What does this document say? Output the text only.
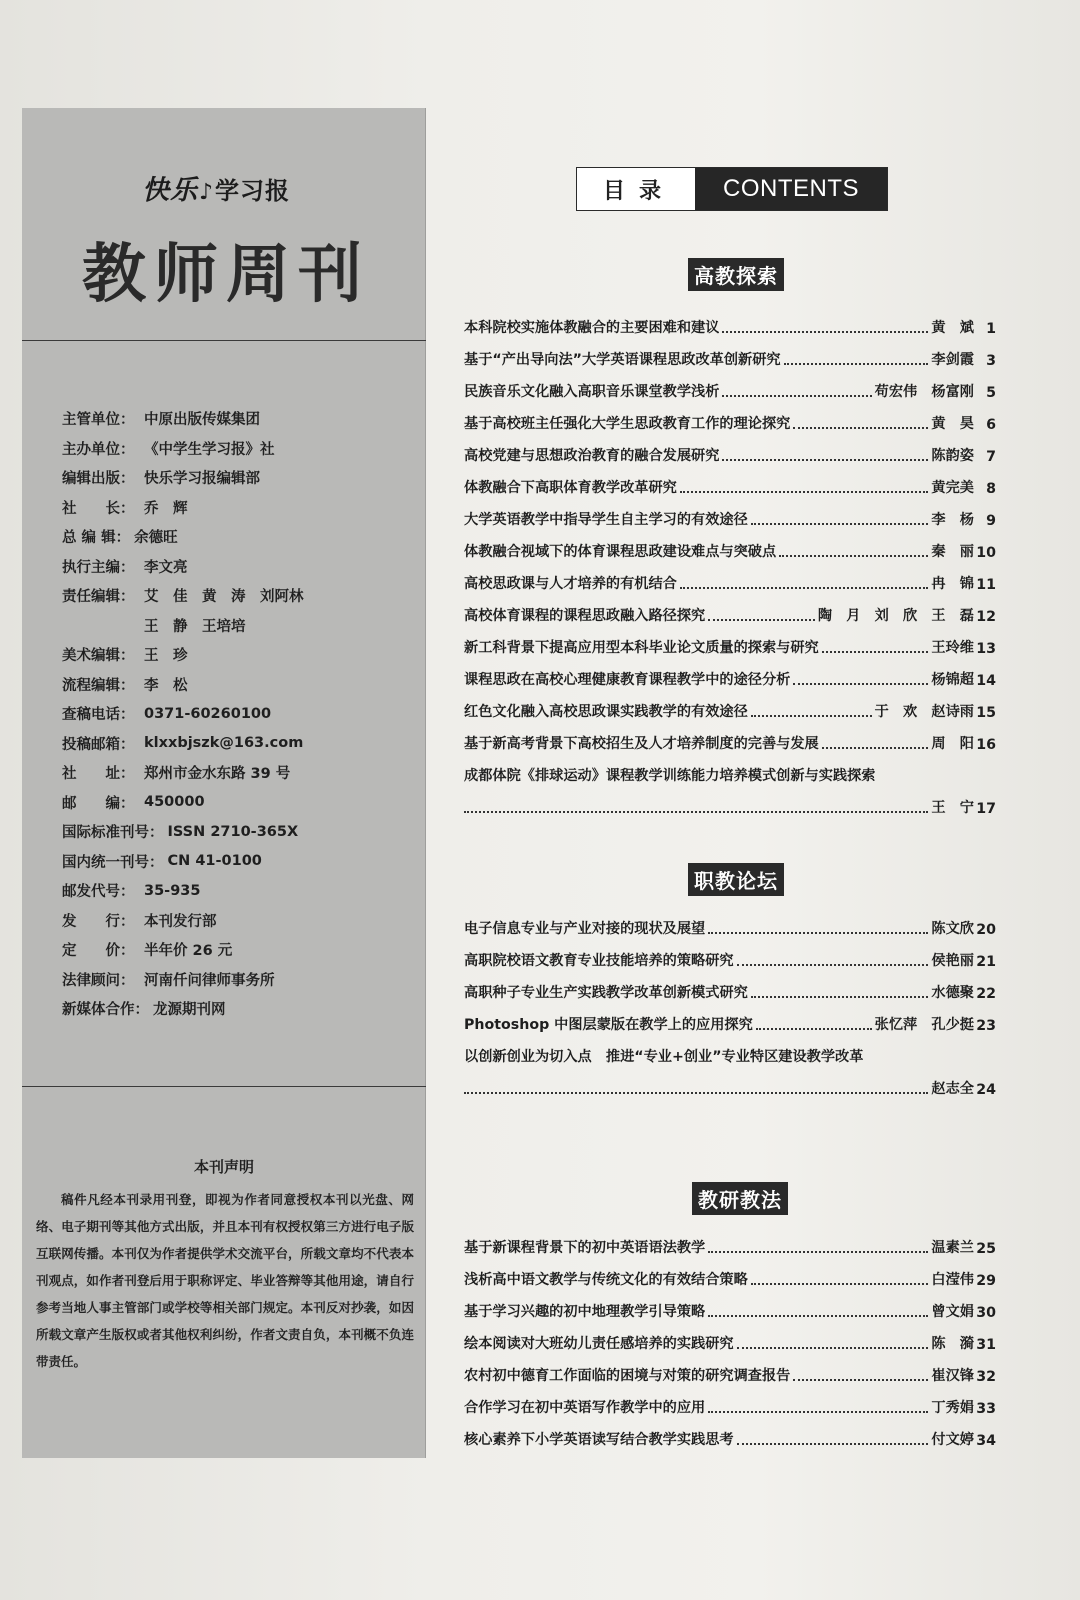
快乐♪学习报
教师周刊
主管单位： 中原出版传媒集团
主办单位： 《中学生学习报》社
编辑出版： 快乐学习报编辑部
社　　长： 乔　辉
总 编 辑： 余德旺
执行主编： 李文亮
责任编辑： 艾　佳　黄　涛　刘阿林
王　静　王培培
美术编辑： 王　珍
流程编辑： 李　松
查稿电话： 0371-60260100
投稿邮箱： klxxbjszk@163.com
社　　址： 郑州市金水东路 39 号
邮　　编： 450000
国际标准刊号： ISSN 2710-365X
国内统一刊号： CN 41-0100
邮发代号： 35-935
发　　行： 本刊发行部
定　　价： 半年价 26 元
法律顾问： 河南仟问律师事务所
新媒体合作： 龙源期刊网
本刊声明
稿件凡经本刊录用刊登，即视为作者同意授权本刊以光盘、网络、电子期刊等其他方式出版，并且本刊有权授权第三方进行电子版互联网传播。本刊仅为作者提供学术交流平台，所载文章均不代表本刊观点，如作者刊登后用于职称评定、毕业答辩等其他用途，请自行参考当地人事主管部门或学校等相关部门规定。本刊反对抄袭，如因所载文章产生版权或者其他权利纠纷，作者文责自负，本刊概不负连带责任。
目录	CONTENTS
高教探索
本科院校实施体教融合的主要困难和建议	黄　斌 1
基于“产出导向法”大学英语课程思政改革创新研究	李剑霞 3
民族音乐文化融入高职音乐课堂教学浅析	苟宏伟　杨富刚 5
基于高校班主任强化大学生思政教育工作的理论探究	黄　昊 6
高校党建与思想政治教育的融合发展研究	陈韵姿 7
体教融合下高职体育教学改革研究	黄完美 8
大学英语教学中指导学生自主学习的有效途径	李　杨 9
体教融合视域下的体育课程思政建设难点与突破点	秦　丽 10
高校思政课与人才培养的有机结合	冉　锦 11
高校体育课程的课程思政融入路径探究	陶　月　刘　欣　王　磊 12
新工科背景下提高应用型本科毕业论文质量的探索与研究	王玲维 13
课程思政在高校心理健康教育课程教学中的途径分析	杨锦超 14
红色文化融入高校思政课实践教学的有效途径	于　欢　赵诗雨 15
基于新高考背景下高校招生及人才培养制度的完善与发展	周　阳 16
成都体院《排球运动》课程教学训练能力培养模式创新与实践探索
王　宁 17
职教论坛
电子信息专业与产业对接的现状及展望	陈文欣 20
高职院校语文教育专业技能培养的策略研究	侯艳丽 21
高职种子专业生产实践教学改革创新模式研究	水德聚 22
Photoshop 中图层蒙版在教学上的应用探究	张忆萍　孔少挺 23
以创新创业为切入点　推进“专业+创业”专业特区建设教学改革
赵志全 24
教研教法
基于新课程背景下的初中英语语法教学	温素兰 25
浅析高中语文教学与传统文化的有效结合策略	白滢伟 29
基于学习兴趣的初中地理教学引导策略	曾文娟 30
绘本阅读对大班幼儿责任感培养的实践研究	陈　漪 31
农村初中德育工作面临的困境与对策的研究调查报告	崔汉锋 32
合作学习在初中英语写作教学中的应用	丁秀娟 33
核心素养下小学英语读写结合教学实践思考	付文婷 34
